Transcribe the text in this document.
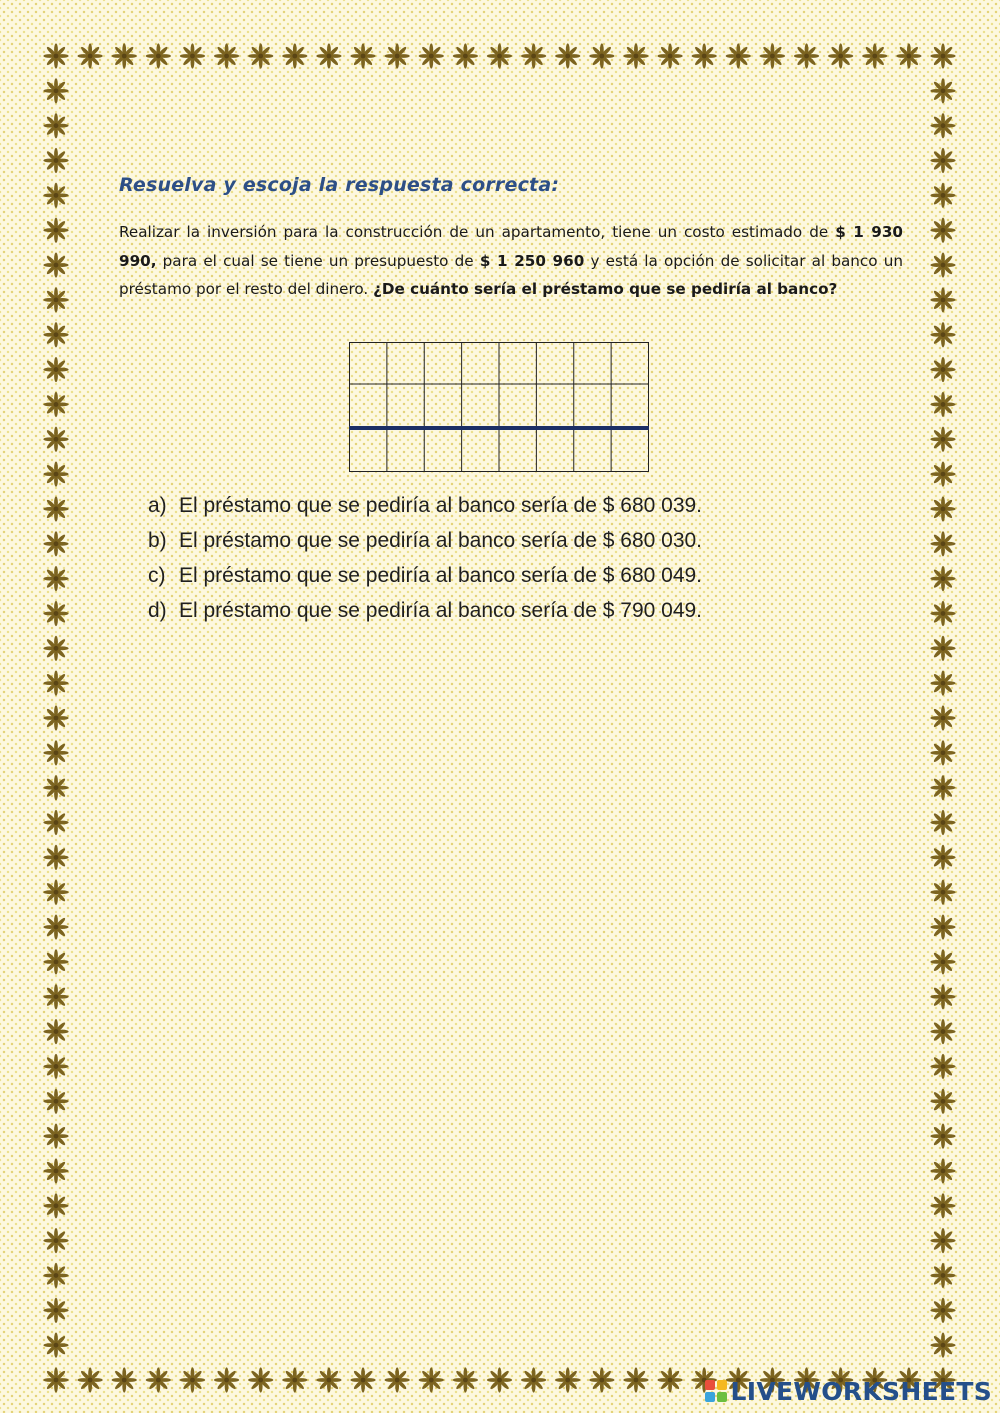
Resuelva y escoja la respuesta correcta:

Realizar la inversión para la construcción de un apartamento, tiene un costo estimado de $ 1 930 990, para el cual se tiene un presupuesto de $ 1 250 960 y está la opción de solicitar al banco un préstamo por el resto del dinero. ¿De cuánto sería el préstamo que se pediría al banco?

a) El préstamo que se pediría al banco sería de $ 680 039.
b) El préstamo que se pediría al banco sería de $ 680 030.
c) El préstamo que se pediría al banco sería de $ 680 049.
d) El préstamo que se pediría al banco sería de $ 790 049.
LIVEWORKSHEETS
